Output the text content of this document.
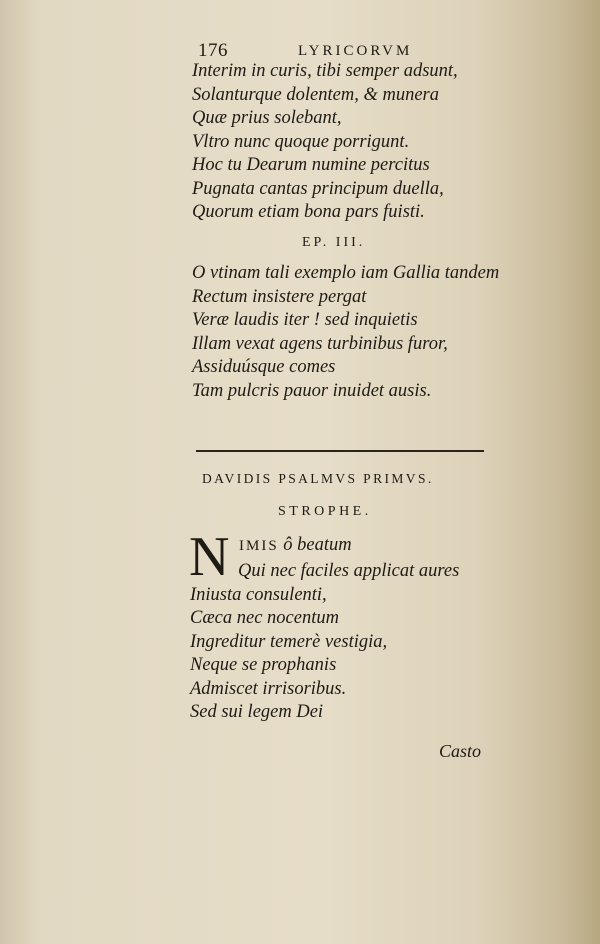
176	LYRICORVM
Interim in curis, tibi semper adsunt,
Solanturque dolentem, & munera
Quæ prius solebant,
Vltro nunc quoque porrigunt.
Hoc tu Dearum numine percitus
Pugnata cantas principum duella,
Quorum etiam bona pars fuisti.
EP. III.
O vtinam tali exemplo iam Gallia tandem
Rectum insistere pergat
Veræ laudis iter ! sed inquietis
Illam vexat agens turbinibus furor,
Assiduúsque comes
Tam pulcris pauor inuidet ausis.
DAVIDIS PSALMVS PRIMVS.
STROPHE.
N IMIS ô beatum
Qui nec faciles applicat aures
Iniusta consulenti,
Cæca nec nocentum
Ingreditur temerè vestigia,
Neque se prophanis
Admiscet irrisoribus.
Sed sui legem Dei
Casto
